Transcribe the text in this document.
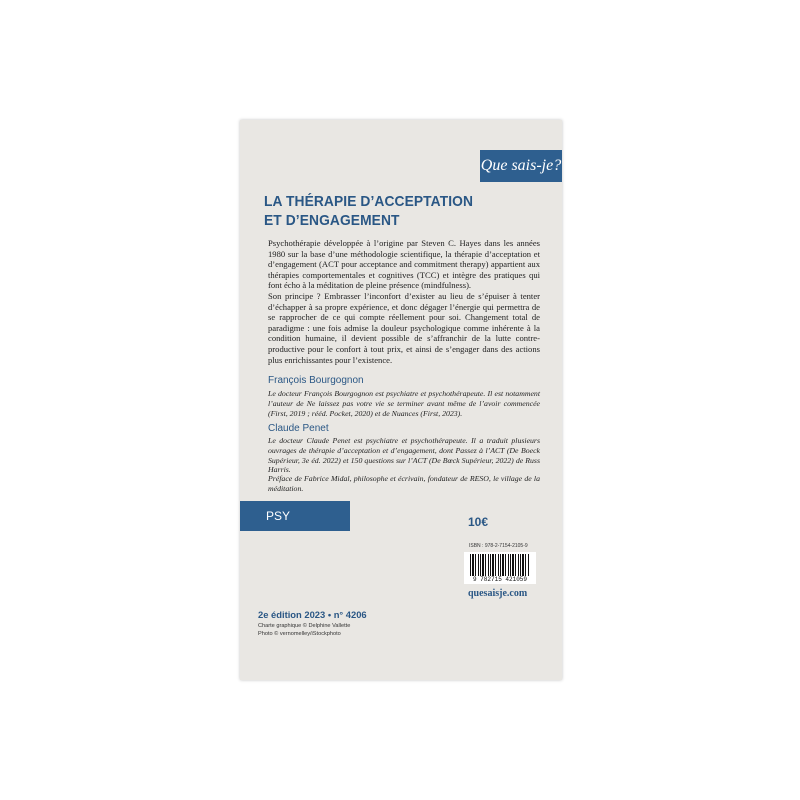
Que sais-je?
LA THÉRAPIE D’ACCEPTATION
ET D’ENGAGEMENT

Psychothérapie développée à l’origine par Steven C. Hayes dans les années 1980 sur la base d’une méthodologie scientifique, la thérapie d’acceptation et d’engagement (ACT pour acceptance and commitment therapy) appartient aux thérapies comportementales et cognitives (TCC) et intègre des pratiques qui font écho à la méditation de pleine présence (mindfulness).

Son principe ? Embrasser l’inconfort d’exister au lieu de s’épuiser à tenter d’échapper à sa propre expérience, et donc dégager l’énergie qui permettra de se rapprocher de ce qui compte réellement pour soi. Changement total de paradigme : une fois admise la douleur psychologique comme inhérente à la condition humaine, il devient possible de s’affranchir de la lutte contre-productive pour le confort à tout prix, et ainsi de s’engager dans des actions plus enrichissantes pour l’existence.

François Bourgognon
Le docteur François Bourgognon est psychiatre et psychothérapeute. Il est notamment l’auteur de Ne laissez pas votre vie se terminer avant même de l’avoir commencée (First, 2019 ; rééd. Pocket, 2020) et de Nuances (First, 2023).
Claude Penet
Le docteur Claude Penet est psychiatre et psychothérapeute. Il a traduit plusieurs ouvrages de thérapie d’acceptation et d’engagement, dont Passez à l’ACT (De Boeck Supérieur, 3e éd. 2022) et 150 questions sur l’ACT (De Bœck Supérieur, 2022) de Russ Harris.
Préface de Fabrice Midal, philosophe et écrivain, fondateur de RESO, le village de la méditation.
PSY	10€
ISBN : 978-2-7154-2105-9
9 782715 421059
quesaisje.com
2e édition 2023 • n° 4206
Charte graphique © Delphine Vallette
Photo © vernomelley/iStockphoto
